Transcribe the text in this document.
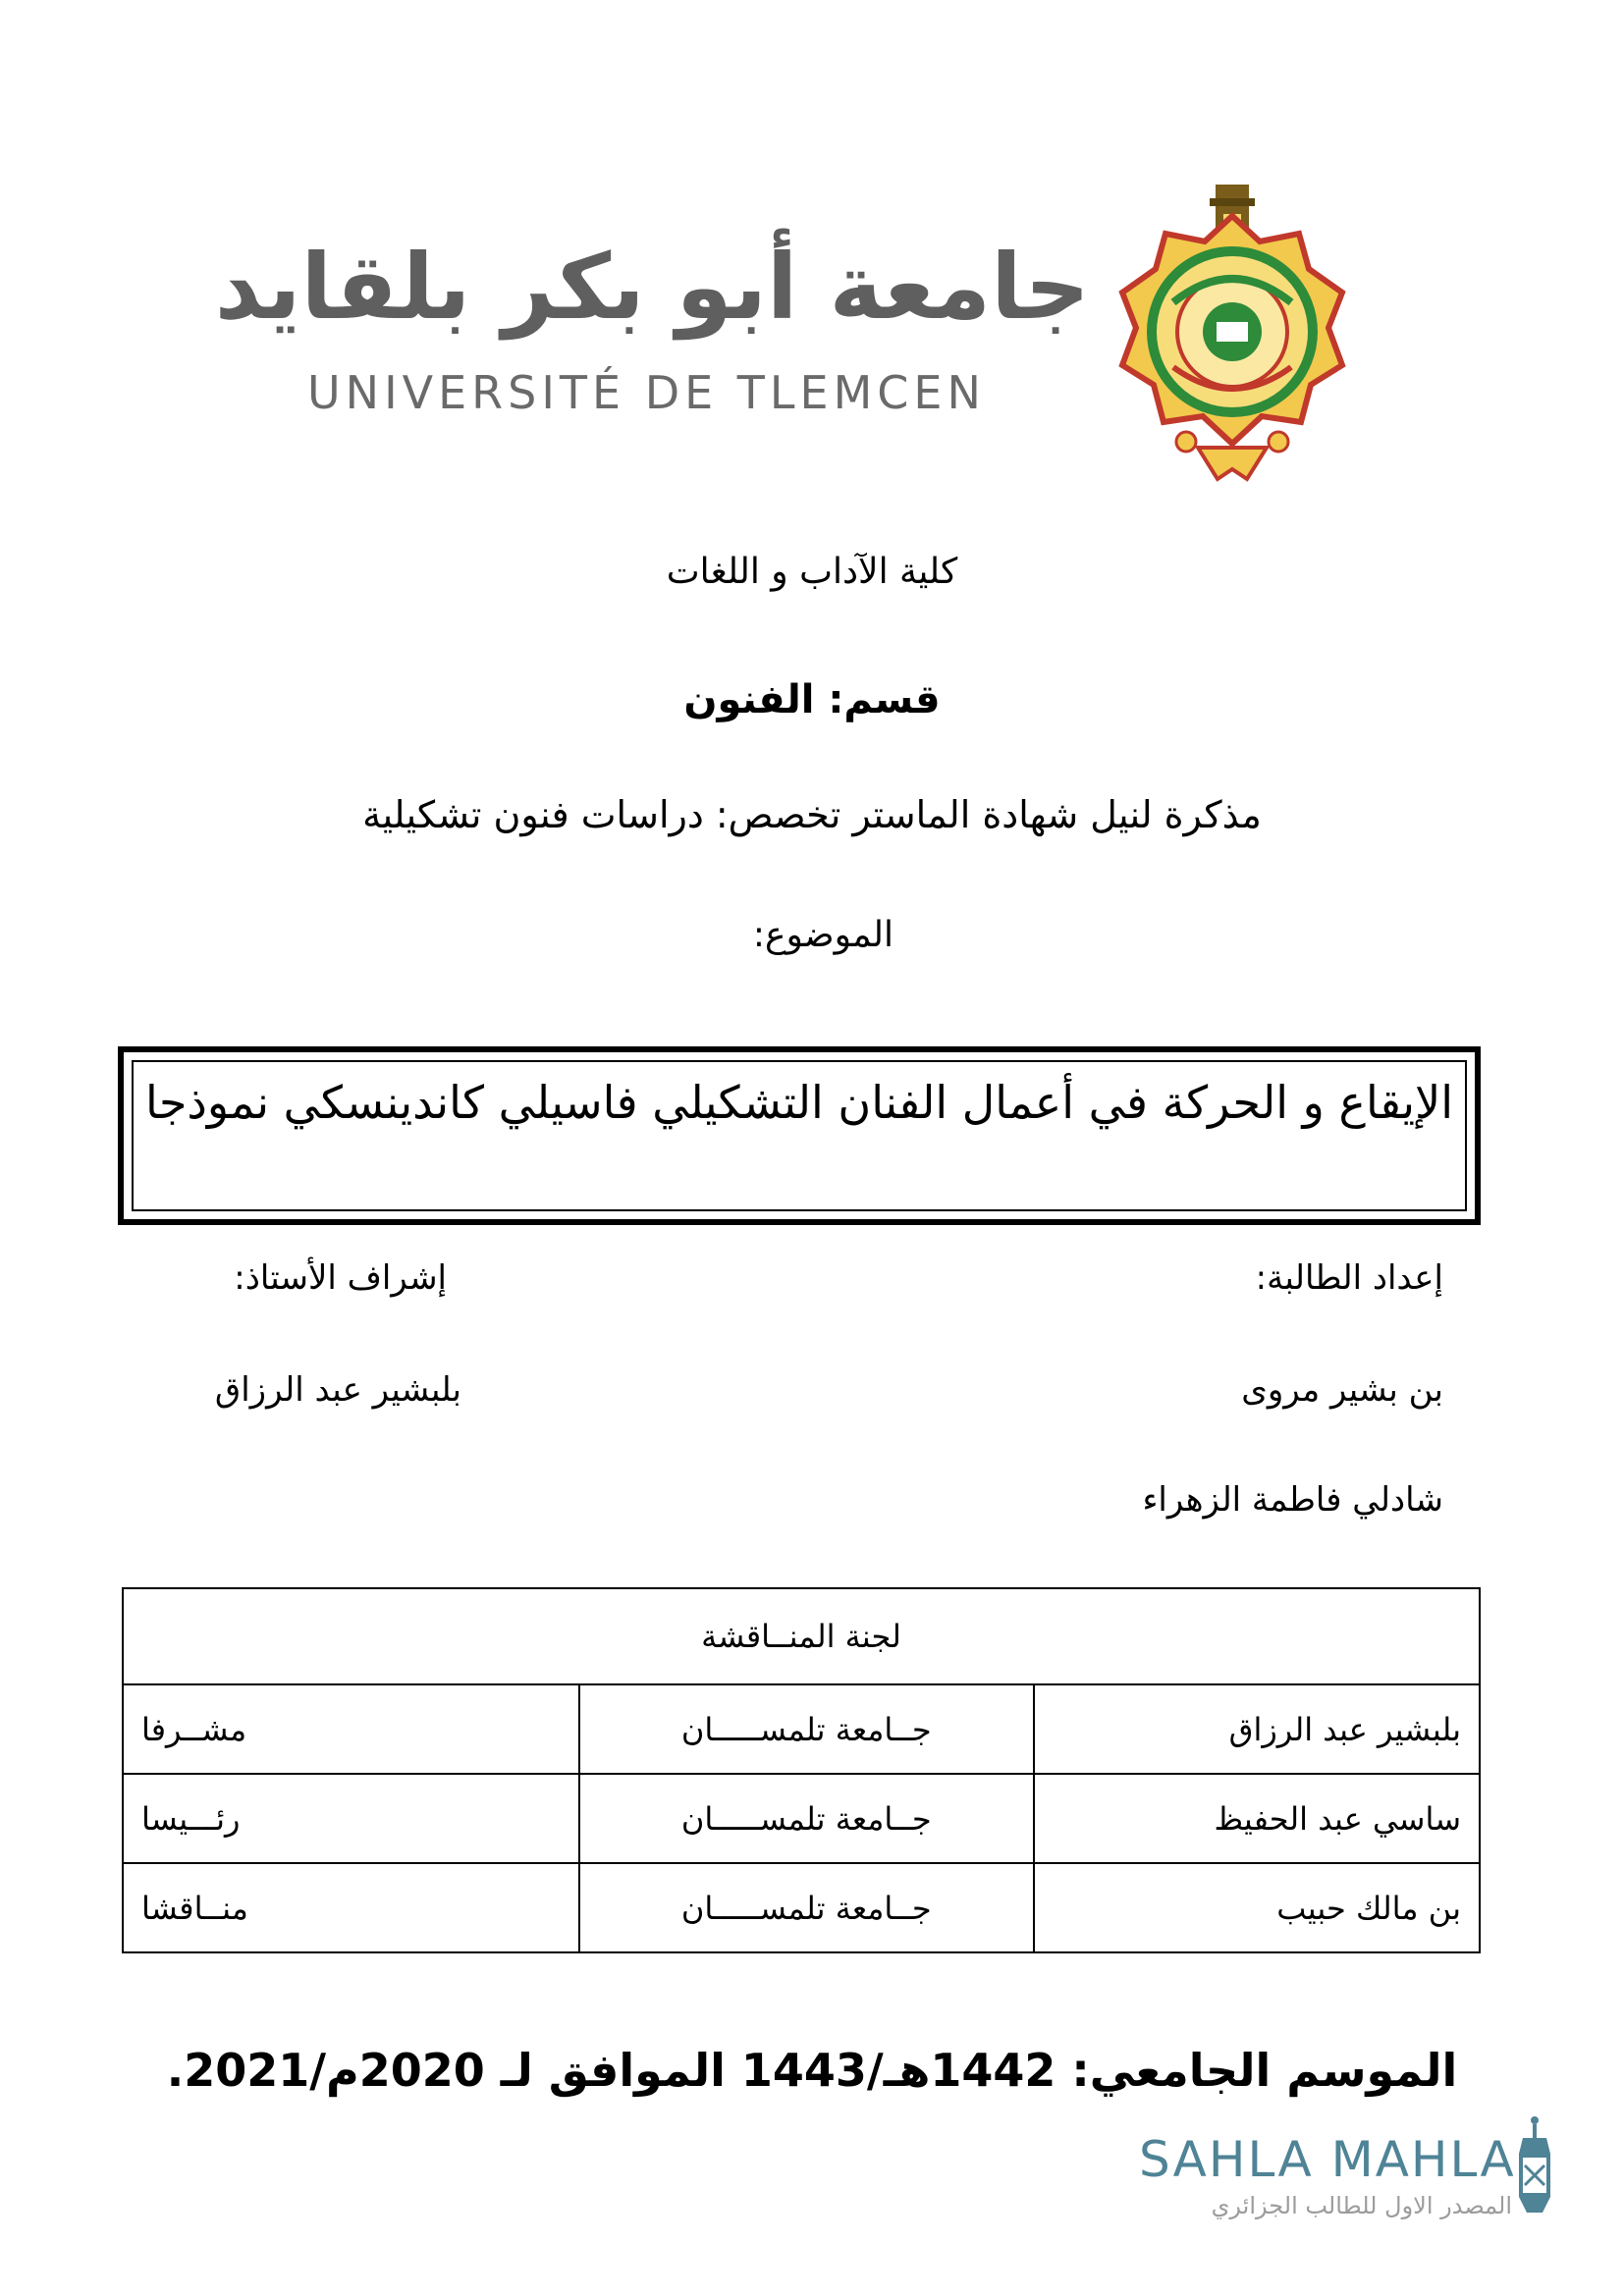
جامعة أبو بكر بلقايد
UNIVERSITÉ DE TLEMCEN
كلية الآداب و اللغات
قسم: الفنون
مذكرة لنيل شهادة الماستر تخصص: دراسات فنون تشكيلية
الموضوع:
الإيقاع و الحركة في أعمال الفنان التشكيلي فاسيلي كاندينسكي نموذجا
إعداد الطالبة:
إشراف الأستاذ:
بن بشير مروى
بلبشير عبد الرزاق
شادلي فاطمة الزهراء
لجنة المنــاقشة		
بلبشير عبد الرزاق	جــامعة تلمســـــان	مشــرفا
ساسي عبد الحفيظ	جــامعة تلمســـــان	رئـــيسا
بن مالك حبيب	جــامعة تلمســـــان	منــاقشا
الموسم الجامعي: 1442هـ/1443 الموافق لـ 2020م/2021.
SAHLA MAHLA
المصدر الاول للطالب الجزائري
